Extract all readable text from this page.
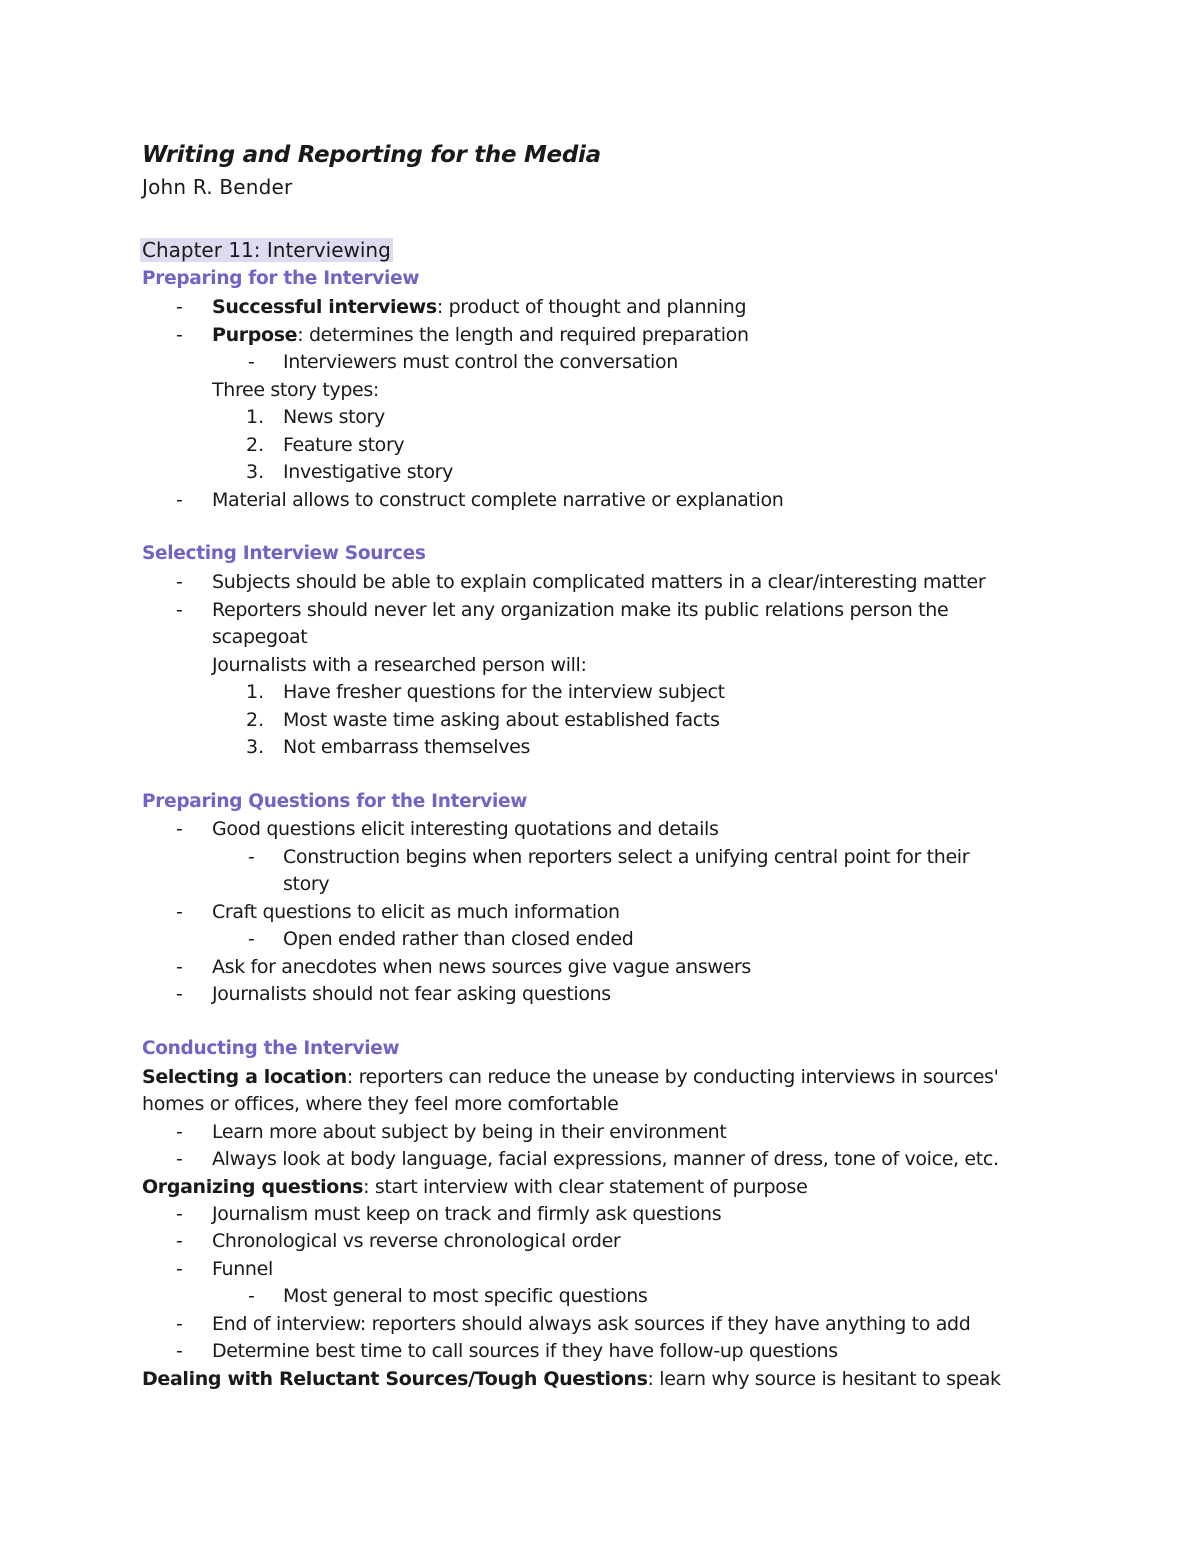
Writing and Reporting for the Media
John R. Bender
Chapter 11: Interviewing
Preparing for the Interview
- Successful interviews: product of thought and planning
- Purpose: determines the length and required preparation
- Interviewers must control the conversation
Three story types:
1. News story
2. Feature story
3. Investigative story
- Material allows to construct complete narrative or explanation
Selecting Interview Sources
- Subjects should be able to explain complicated matters in a clear/interesting matter
- Reporters should never let any organization make its public relations person the
scapegoat
Journalists with a researched person will:
1. Have fresher questions for the interview subject
2. Most waste time asking about established facts
3. Not embarrass themselves
Preparing Questions for the Interview
- Good questions elicit interesting quotations and details
- Construction begins when reporters select a unifying central point for their
story
- Craft questions to elicit as much information
- Open ended rather than closed ended
- Ask for anecdotes when news sources give vague answers
- Journalists should not fear asking questions
Conducting the Interview
Selecting a location: reporters can reduce the unease by conducting interviews in sources'
homes or offices, where they feel more comfortable
- Learn more about subject by being in their environment
- Always look at body language, facial expressions, manner of dress, tone of voice, etc.
Organizing questions: start interview with clear statement of purpose
- Journalism must keep on track and firmly ask questions
- Chronological vs reverse chronological order
- Funnel
- Most general to most specific questions
- End of interview: reporters should always ask sources if they have anything to add
- Determine best time to call sources if they have follow-up questions
Dealing with Reluctant Sources/Tough Questions: learn why source is hesitant to speak
